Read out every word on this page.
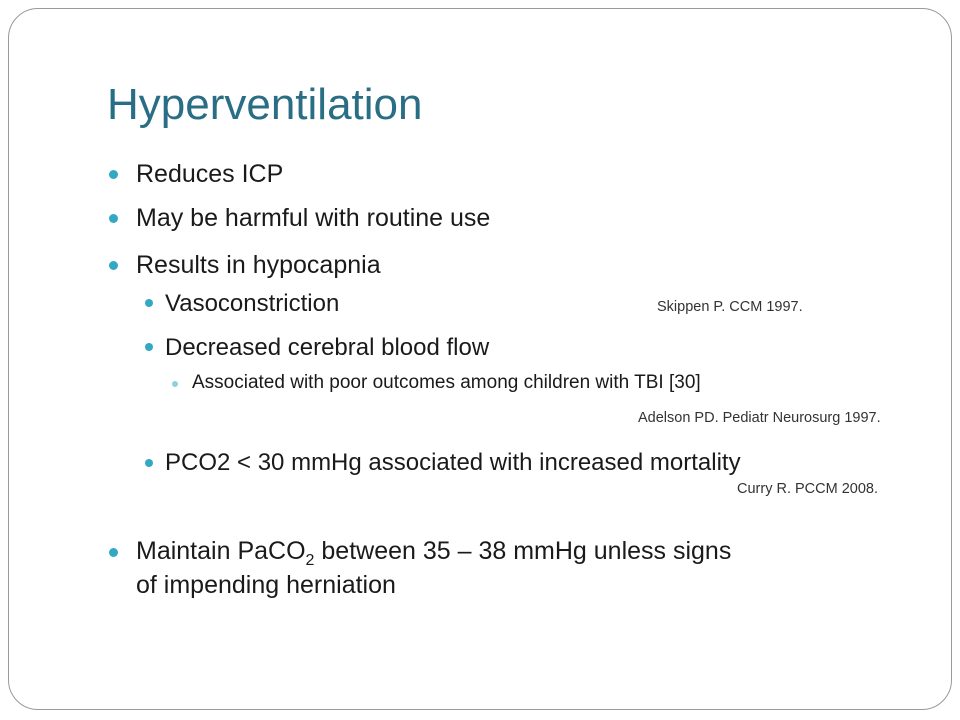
Hyperventilation
Reduces ICP
May be harmful with routine use
Results in hypocapnia
Vasoconstriction
Decreased cerebral blood flow
Associated with poor outcomes among children with TBI [30]
PCO2 < 30 mmHg associated with increased mortality
Maintain PaCO$_2$ between 35 – 38 mmHg unless signs
of impending herniation
Skippen P. CCM 1997.
Adelson PD. Pediatr Neurosurg 1997.
Curry R. PCCM 2008.
